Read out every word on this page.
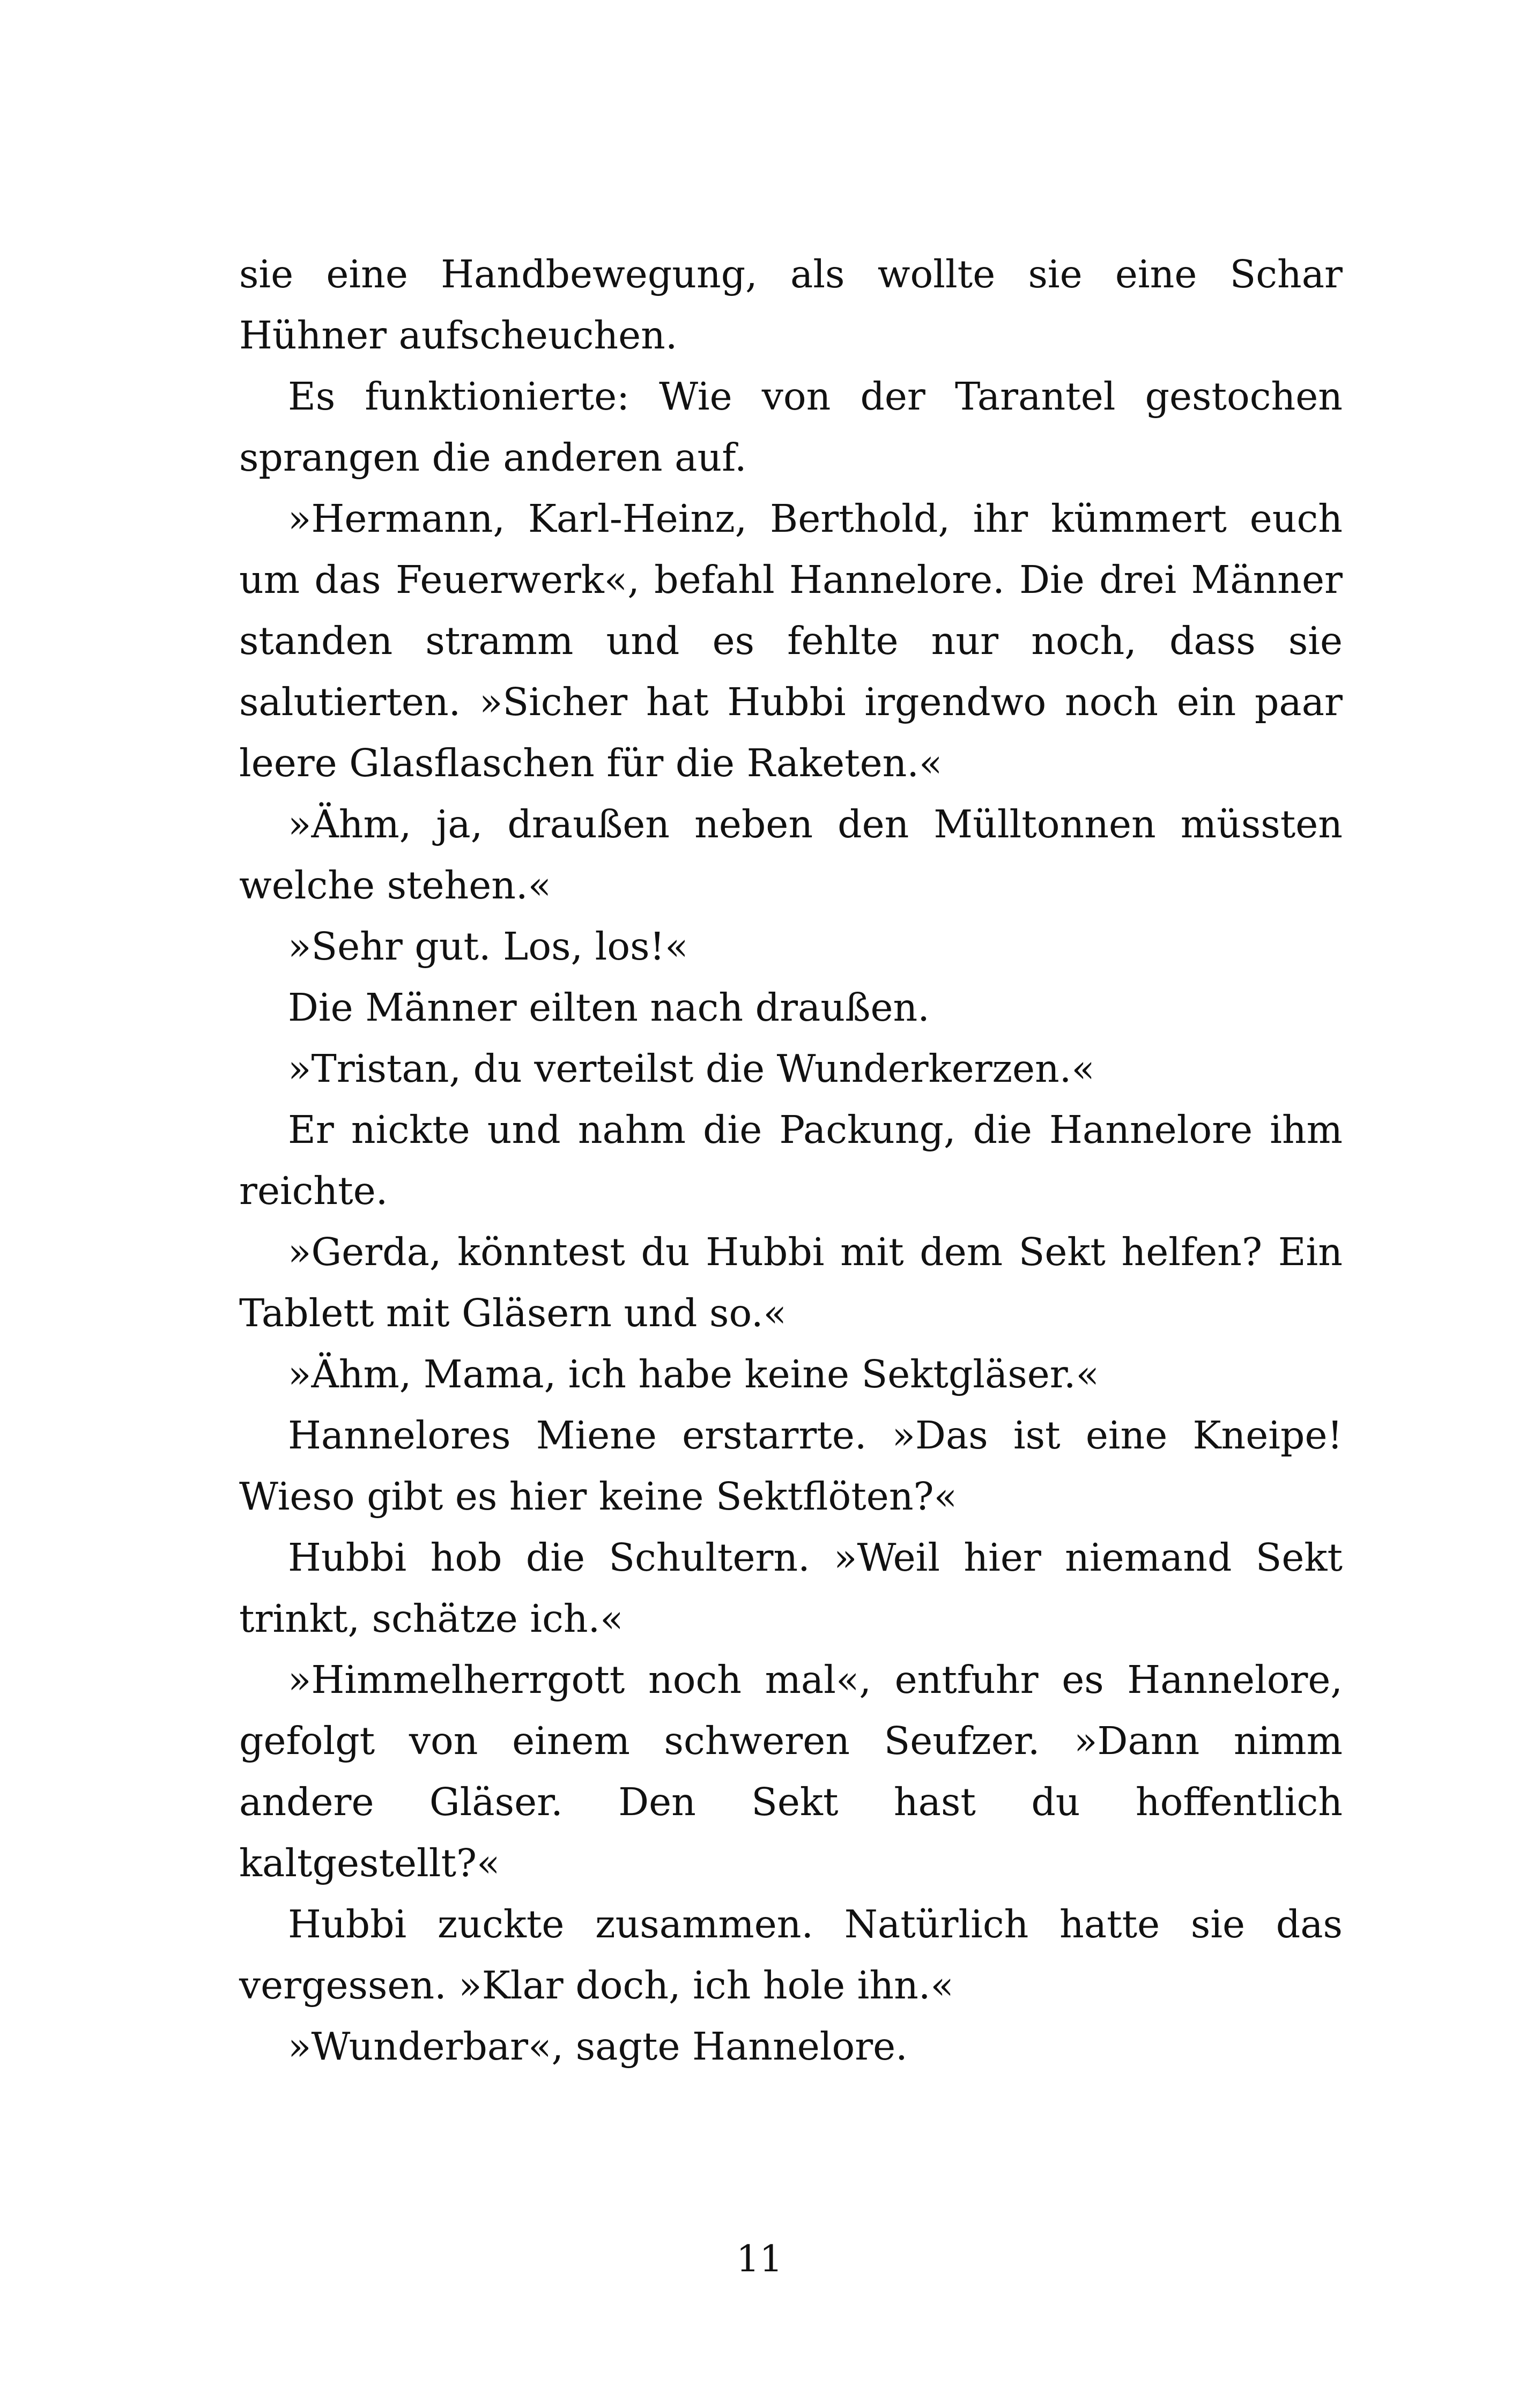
sie eine Handbewegung, als wollte sie eine Schar Hühner aufscheuchen.

Es funktionierte: Wie von der Tarantel gestochen sprangen die anderen auf.

»Hermann, Karl-Heinz, Berthold, ihr kümmert euch um das Feuerwerk«, befahl Hannelore. Die drei Männer standen stramm und es fehlte nur noch, dass sie salutierten. »Sicher hat Hubbi irgendwo noch ein paar leere Glasflaschen für die Raketen.«

»Ähm, ja, draußen neben den Mülltonnen müssten welche stehen.«

»Sehr gut. Los, los!«

Die Männer eilten nach draußen.

»Tristan, du verteilst die Wunderkerzen.«

Er nickte und nahm die Packung, die Hannelore ihm reichte.

»Gerda, könntest du Hubbi mit dem Sekt helfen? Ein Tablett mit Gläsern und so.«

»Ähm, Mama, ich habe keine Sektgläser.«

Hannelores Miene erstarrte. »Das ist eine Kneipe! Wieso gibt es hier keine Sektflöten?«

Hubbi hob die Schultern. »Weil hier niemand Sekt trinkt, schätze ich.«

»Himmelherrgott noch mal«, entfuhr es Hannelore, gefolgt von einem schweren Seufzer. »Dann nimm andere Gläser. Den Sekt hast du hoffentlich kaltgestellt?«

Hubbi zuckte zusammen. Natürlich hatte sie das vergessen. »Klar doch, ich hole ihn.«

»Wunderbar«, sagte Hannelore.

11
